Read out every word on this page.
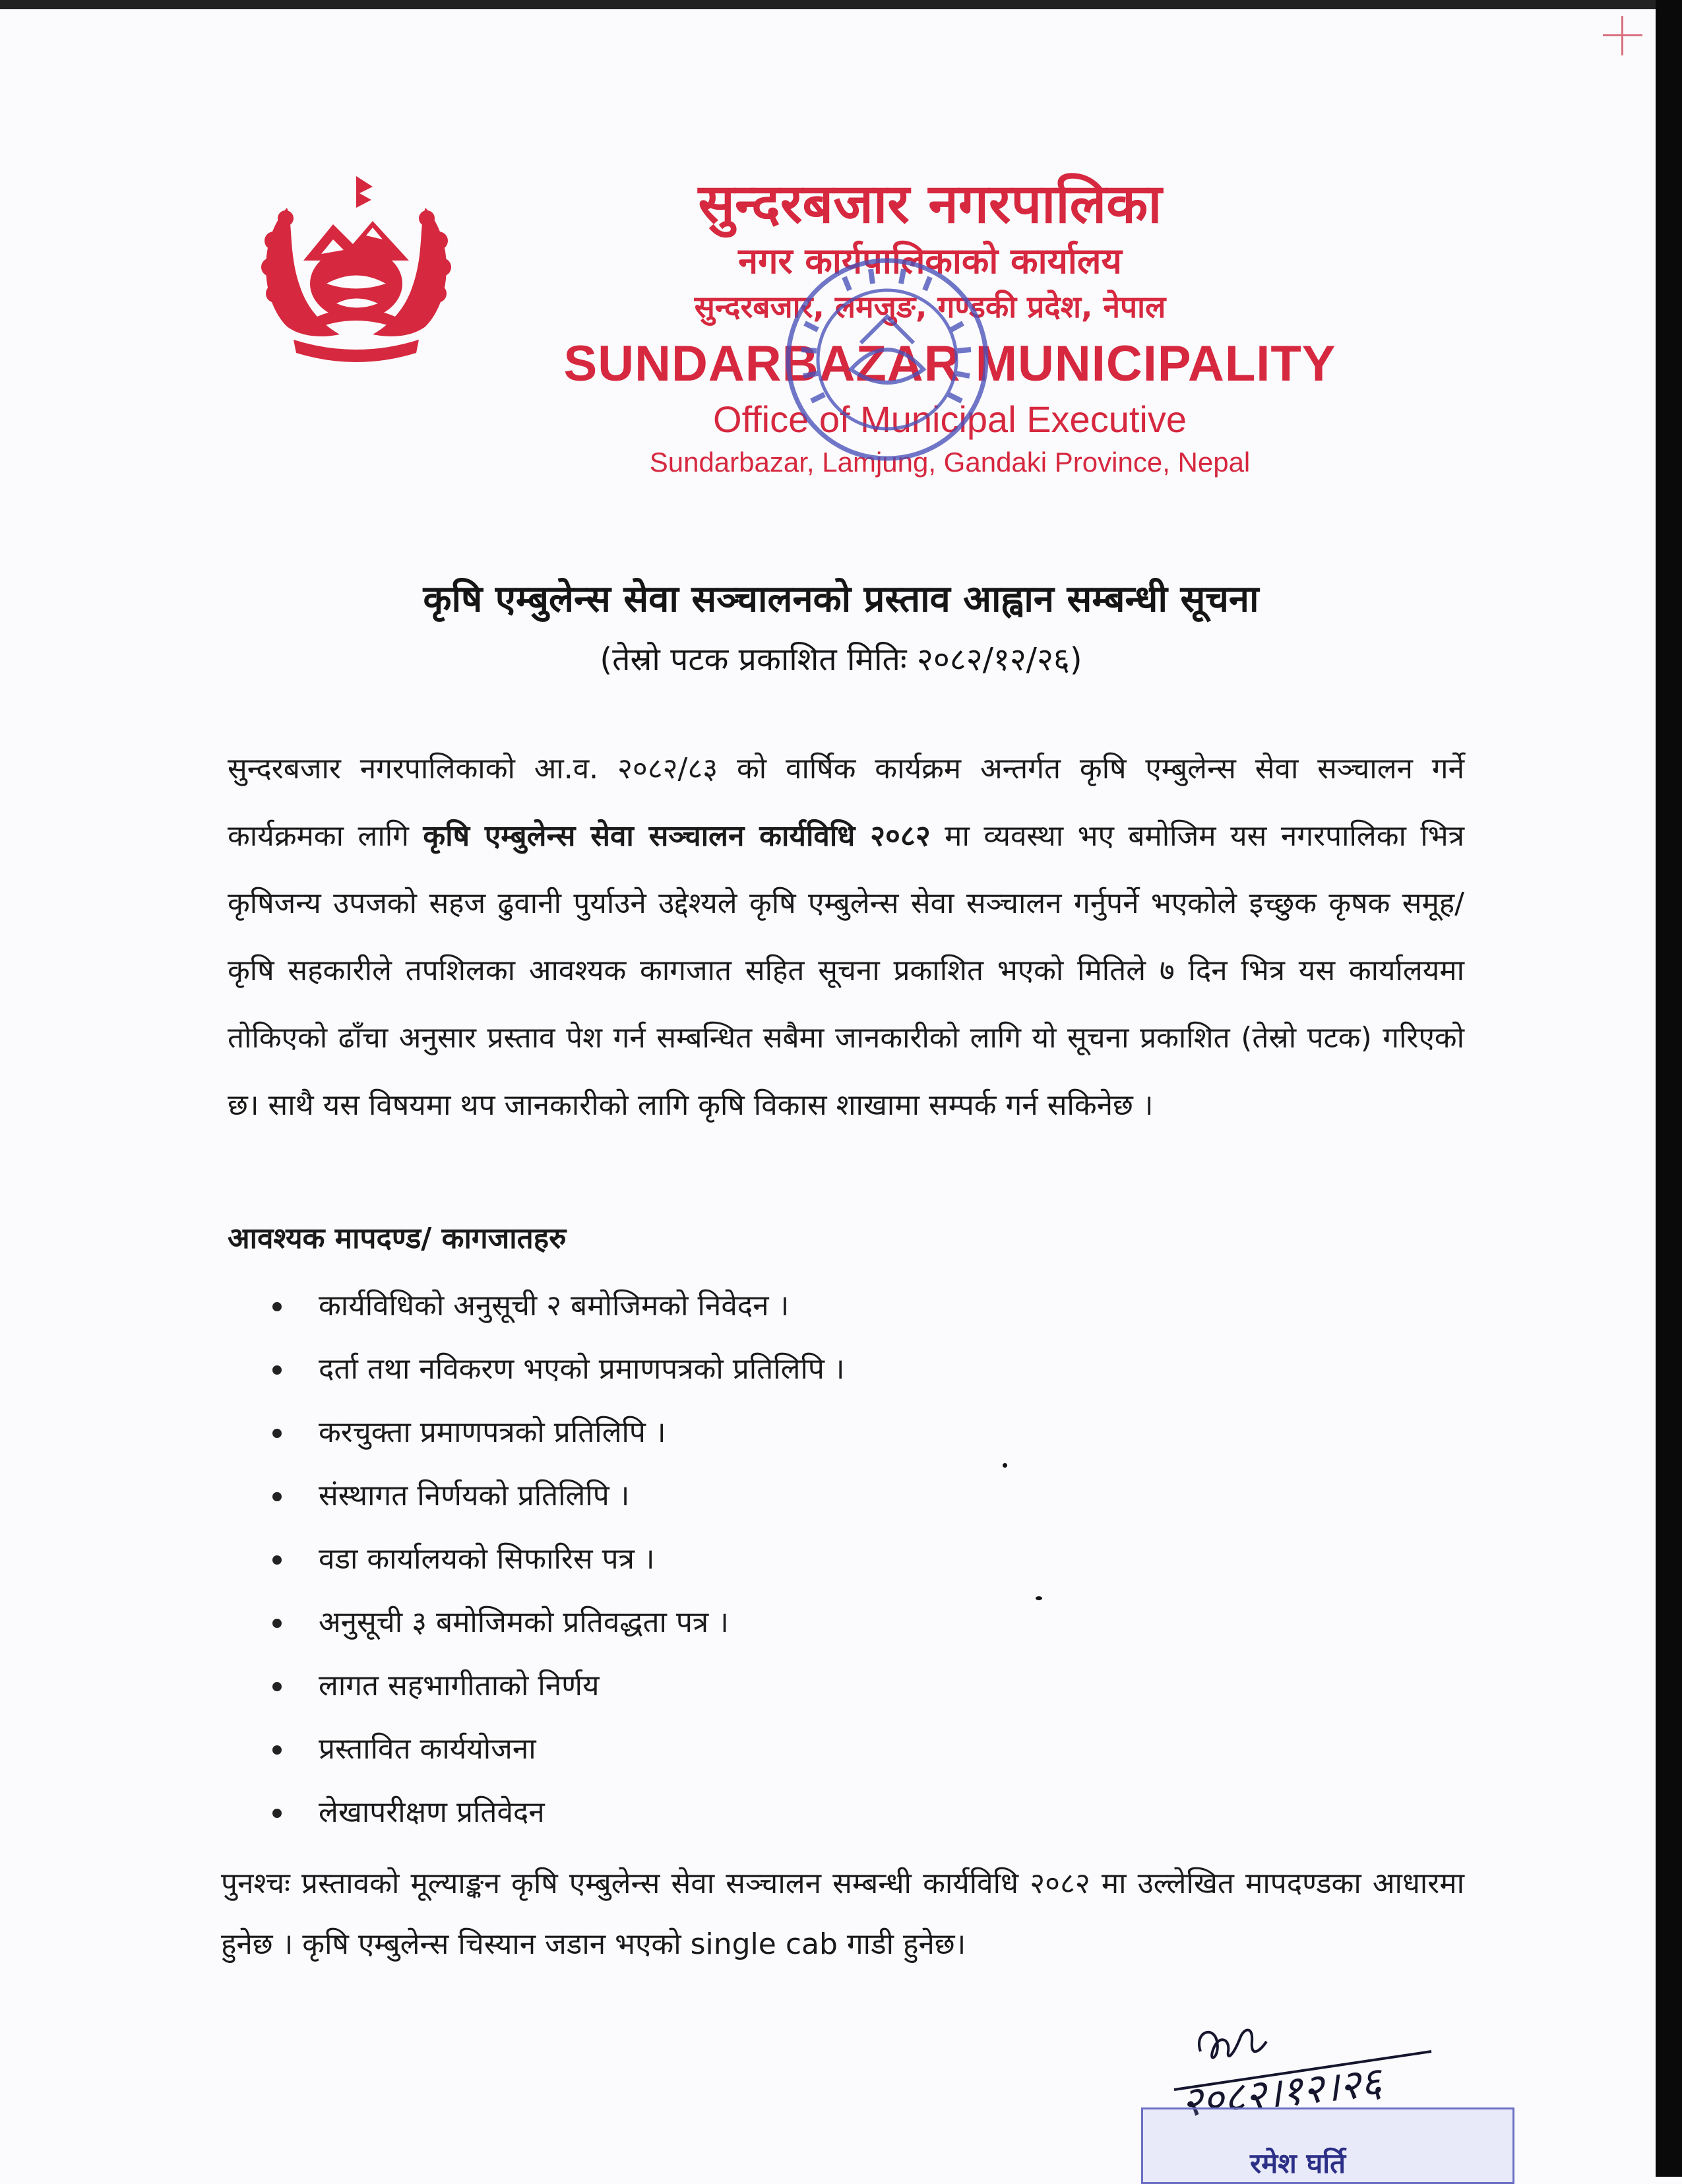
सुन्दरबजार नगरपालिका
नगर कार्यपालिकाको कार्यालय
सुन्दरबजार, लमजुङ, गण्डकी प्रदेश, नेपाल
SUNDARBAZAR MUNICIPALITY
Office of Municipal Executive
Sundarbazar, Lamjung, Gandaki Province, Nepal
कृषि एम्बुलेन्स सेवा सञ्चालनको प्रस्ताव आह्वान सम्बन्धी सूचना
(तेस्रो पटक प्रकाशित मितिः २०८२/१२/२६)
सुन्दरबजार नगरपालिकाको आ.व. २०८२/८३ को वार्षिक कार्यक्रम अन्तर्गत कृषि एम्बुलेन्स सेवा सञ्चालन गर्ने कार्यक्रमका लागि कृषि एम्बुलेन्स सेवा सञ्चालन कार्यविधि २०८२ मा व्यवस्था भए बमोजिम यस नगरपालिका भित्र कृषिजन्य उपजको सहज ढुवानी पुर्याउने उद्देश्यले कृषि एम्बुलेन्स सेवा सञ्चालन गर्नुपर्ने भएकोले इच्छुक कृषक समूह/कृषि सहकारीले तपशिलका आवश्यक कागजात सहित सूचना प्रकाशित भएको मितिले ७ दिन भित्र यस कार्यालयमा तोकिएको ढाँचा अनुसार प्रस्ताव पेश गर्न सम्बन्धित सबैमा जानकारीको लागि यो सूचना प्रकाशित (तेस्रो पटक) गरिएको छ। साथै यस विषयमा थप जानकारीको लागि कृषि विकास शाखामा सम्पर्क गर्न सकिनेछ ।
आवश्यक मापदण्ड/ कागजातहरु
कार्यविधिको अनुसूची २ बमोजिमको निवेदन ।
दर्ता तथा नविकरण भएको प्रमाणपत्रको प्रतिलिपि ।
करचुक्ता प्रमाणपत्रको प्रतिलिपि ।
संस्थागत निर्णयको प्रतिलिपि ।
वडा कार्यालयको सिफारिस पत्र ।
अनुसूची ३ बमोजिमको प्रतिवद्धता पत्र ।
लागत सहभागीताको निर्णय
प्रस्तावित कार्ययोजना
लेखापरीक्षण प्रतिवेदन
पुनश्चः प्रस्तावको मूल्याङ्कन कृषि एम्बुलेन्स सेवा सञ्चालन सम्बन्धी कार्यविधि २०८२ मा उल्लेखित मापदण्डका आधारमा हुनेछ । कृषि एम्बुलेन्स चिस्यान जडान भएको single cab गाडी हुनेछ।
२०८२।१२।२६
रमेश घर्ति
